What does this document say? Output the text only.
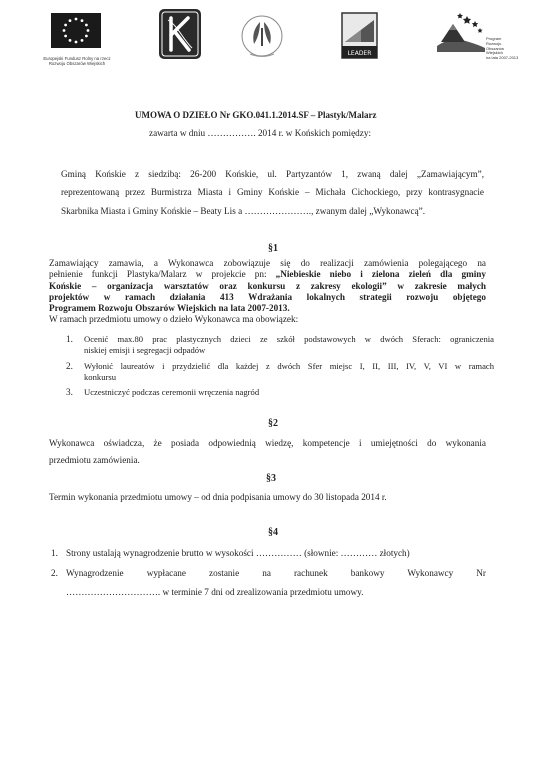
Europejski Fundusz Rolny na rzecz
Rozwoju Obszarów Wiejskich
LEADER
Program
Rozwoju
Obszarów
Wiejskich
na lata 2007-2013
UMOWA O DZIEŁO Nr GKO.041.1.2014.SF – Plastyk/Malarz
zawarta w dniu ……………. 2014 r. w Końskich pomiędzy:
Gminą Końskie z siedzibą: 26-200 Końskie, ul. Partyzantów 1, zwaną dalej „Zamawiającym”,
reprezentowaną przez Burmistrza Miasta i Gminy Końskie – Michała Cichockiego, przy kontrasygnacie
Skarbnika Miasta i Gminy Końskie – Beaty Lis a …………………., zwanym dalej „Wykonawcą”.
§1
Zamawiający zamawia, a Wykonawca zobowiązuje się do realizacji zamówienia polegającego na
pełnienie funkcji Plastyka/Malarz w projekcie pn: „Niebieskie niebo i zielona zieleń dla gminy
Końskie – organizacja warsztatów oraz konkursu z zakresy ekologii” w zakresie małych
projektów w ramach działania 413 Wdrażania lokalnych strategii rozwoju objętego
Programem Rozwoju Obszarów Wiejskich na lata 2007-2013.
W ramach przedmiotu umowy o dzieło Wykonawca ma obowiązek:
1. Ocenić max.80 prac plastycznych dzieci ze szkół podstawowych w dwóch Sferach: ograniczenia
niskiej emisji i segregacji odpadów
2. Wyłonić laureatów i przydzielić dla każdej z dwóch Sfer miejsc I, II, III, IV, V, VI w ramach
konkursu
3. Uczestniczyć podczas ceremonii wręczenia nagród
§2
Wykonawca oświadcza, że posiada odpowiednią wiedzę, kompetencje i umiejętności do wykonania
przedmiotu zamówienia.
§3
Termin wykonania przedmiotu umowy – od dnia podpisania umowy do 30 listopada 2014 r.
§4
1. Strony ustalają wynagrodzenie brutto w wysokości …………… (słownie: ………… złotych)
2. Wynagrodzenie wypłacane zostanie na rachunek bankowy Wykonawcy Nr
…………………………. w terminie 7 dni od zrealizowania przedmiotu umowy.
